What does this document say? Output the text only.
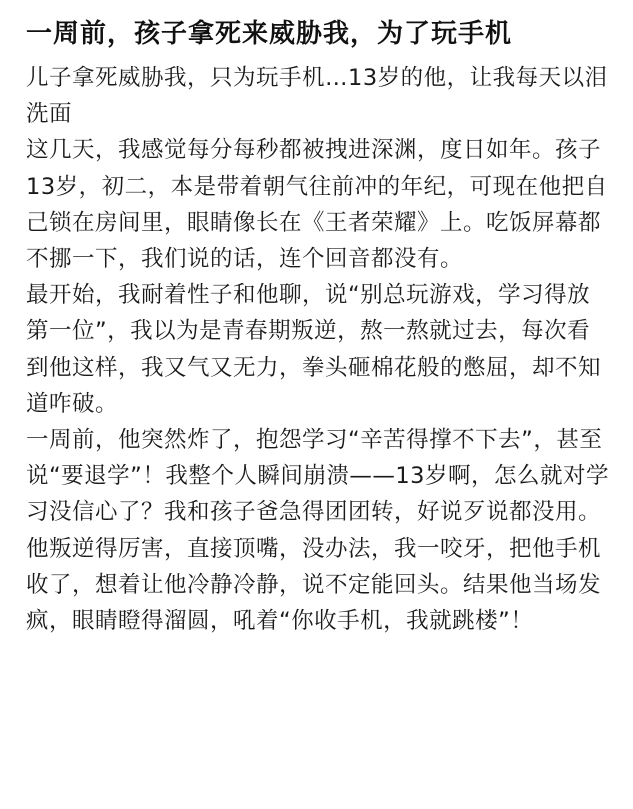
一周前，孩子拿死来威胁我，为了玩手机

儿子拿死威胁我，只为玩手机…13岁的他，让我每天以泪洗面

这几天，我感觉每分每秒都被拽进深渊，度日如年。孩子13岁，初二，本是带着朝气往前冲的年纪，可现在他把自己锁在房间里，眼睛像长在《王者荣耀》上。吃饭屏幕都不挪一下，我们说的话，连个回音都没有。

最开始，我耐着性子和他聊，说“别总玩游戏，学习得放第一位”，我以为是青春期叛逆，熬一熬就过去，每次看到他这样，我又气又无力，拳头砸棉花般的憋屈，却不知道咋破。

一周前，他突然炸了，抱怨学习“辛苦得撑不下去”，甚至说“要退学”！我整个人瞬间崩溃——13岁啊，怎么就对学习没信心了？我和孩子爸急得团团转，好说歹说都没用。他叛逆得厉害，直接顶嘴，没办法，我一咬牙，把他手机收了，想着让他冷静冷静，说不定能回头。结果他当场发疯，眼睛瞪得溜圆，吼着“你收手机，我就跳楼”！
